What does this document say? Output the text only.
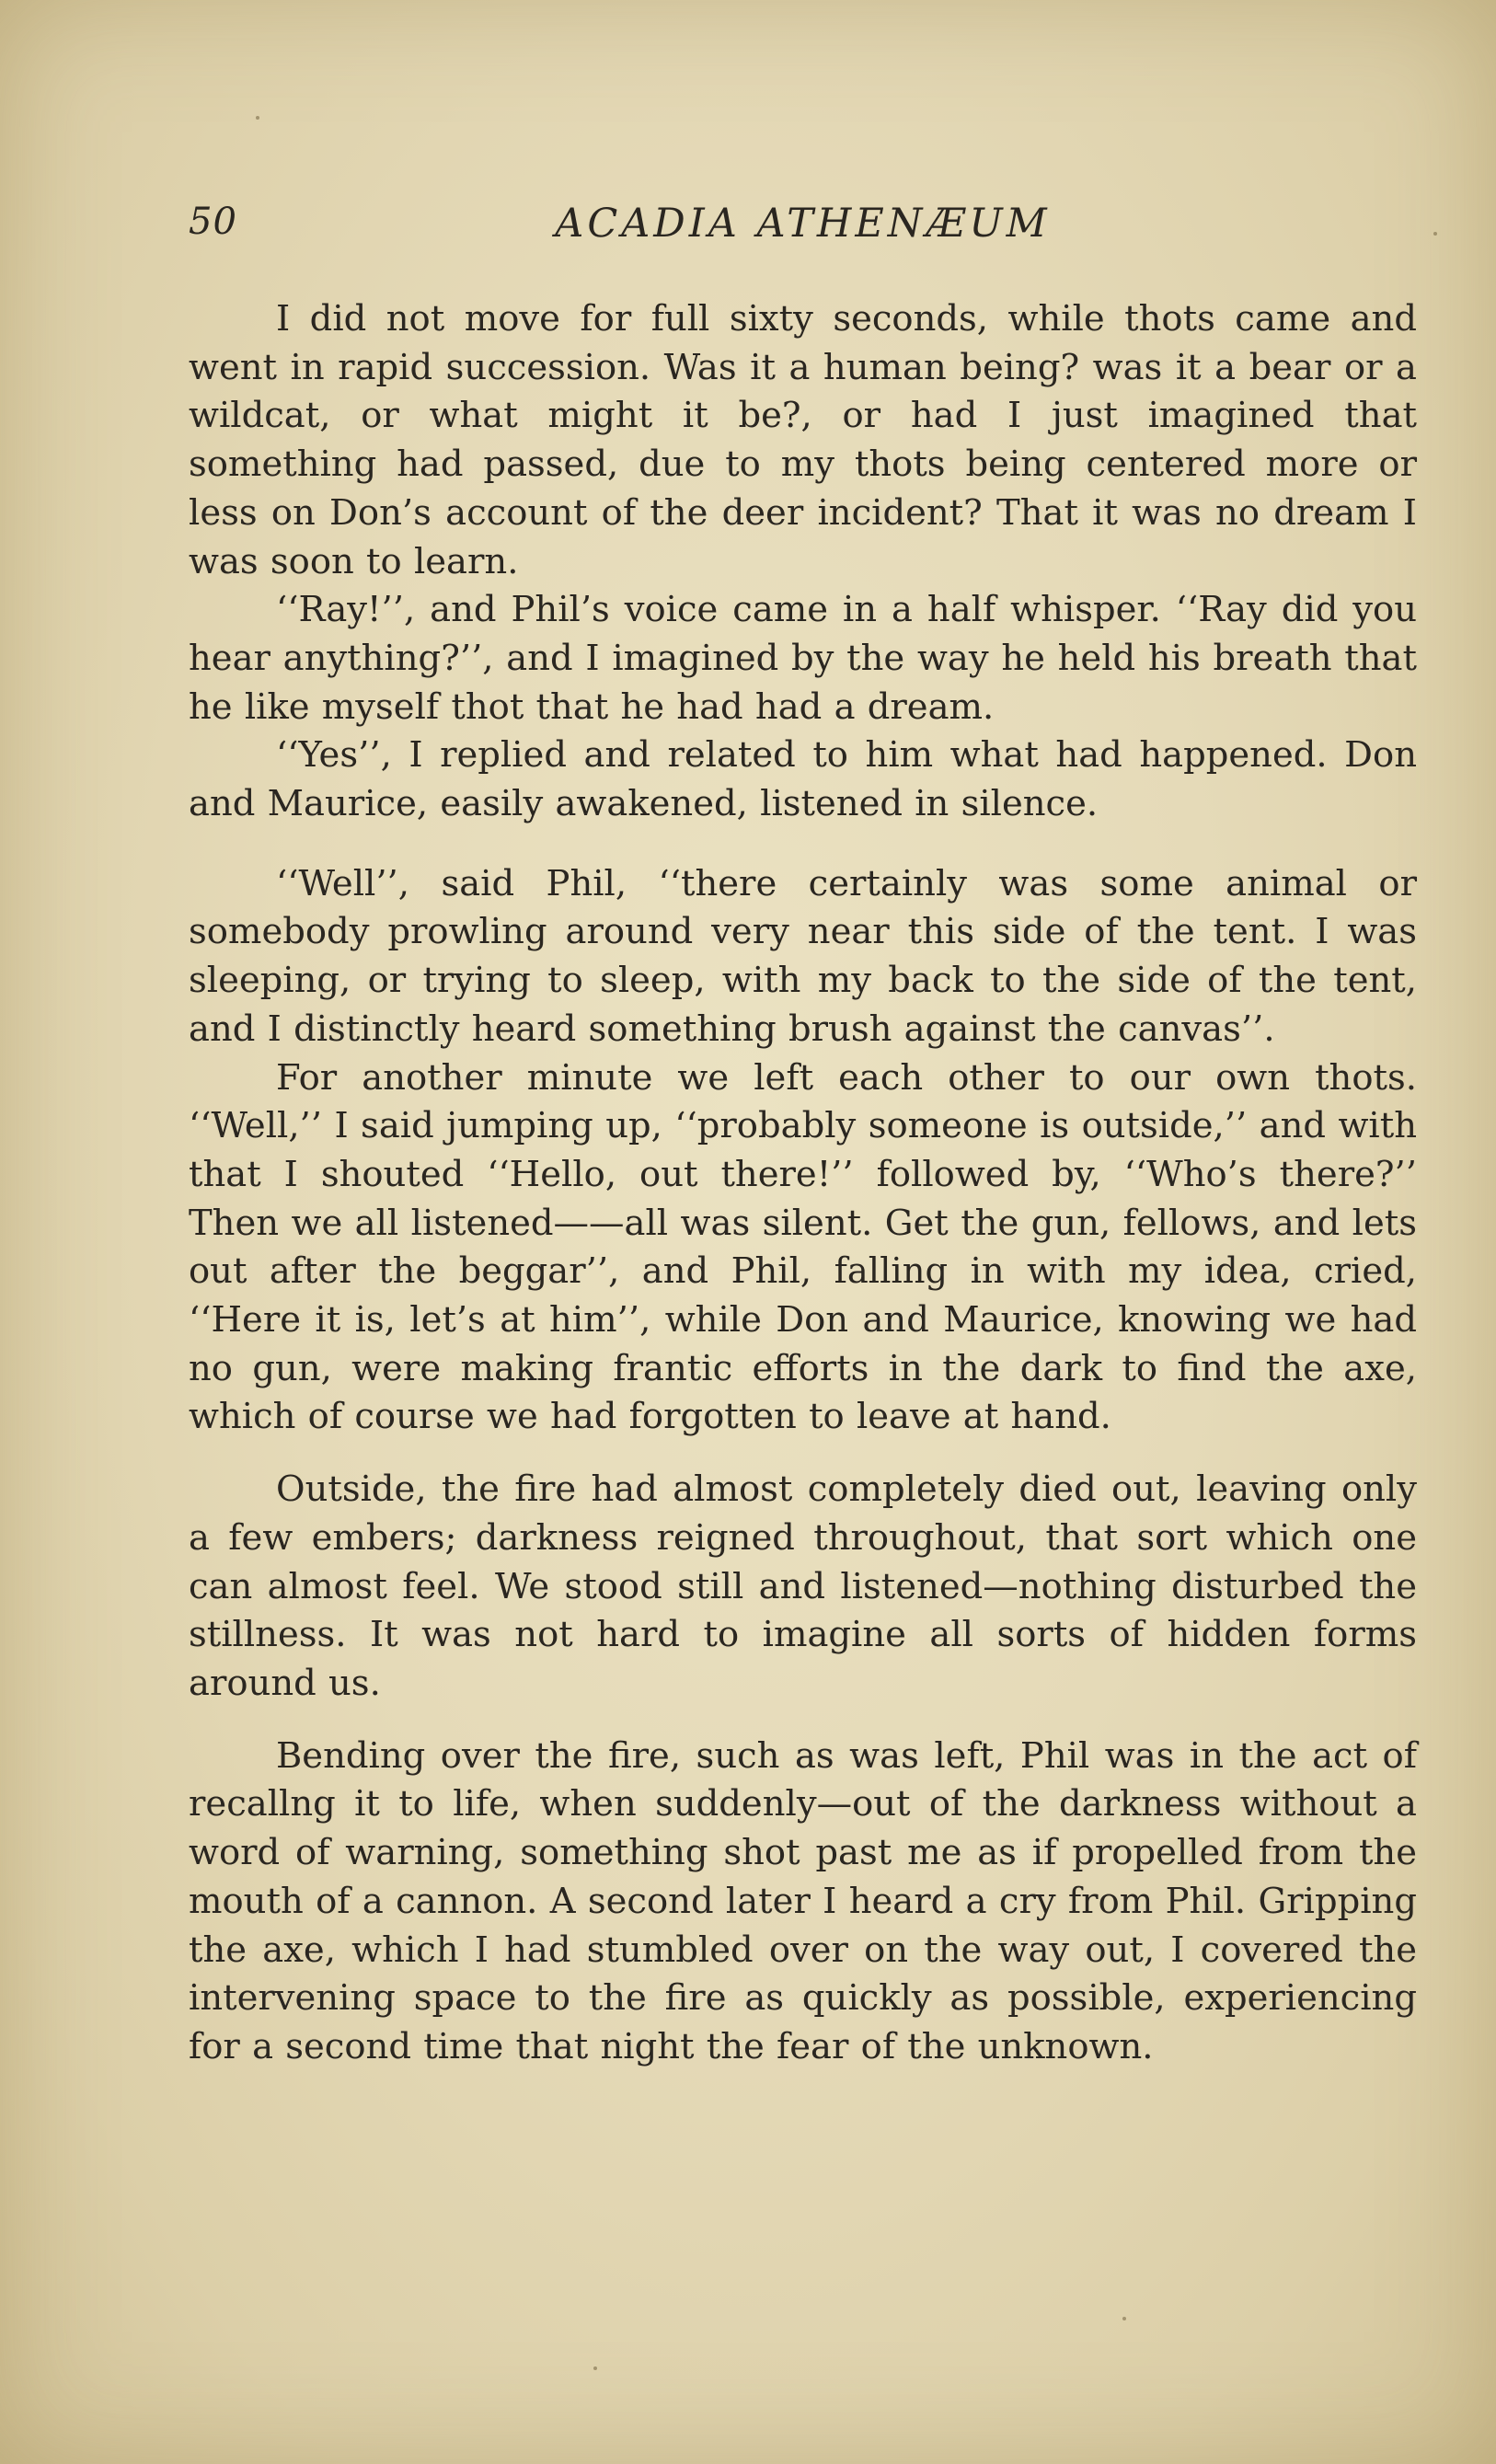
50	ACADIA ATHENÆUM

I did not move for full sixty seconds, while thots came and went in rapid succession. Was it a human being? was it a bear or a wildcat, or what might it be?, or had I just imagined that something had passed, due to my thots being centered more or less on Don’s account of the deer incident? That it was no dream I was soon to learn.

‘‘Ray!’’, and Phil’s voice came in a half whisper. ‘‘Ray did you hear anything?’’, and I imagined by the way he held his breath that he like myself thot that he had had a dream.

‘‘Yes’’, I replied and related to him what had happened. Don and Maurice, easily awakened, listened in silence.

‘‘Well’’, said Phil, ‘‘there certainly was some animal or somebody prowling around very near this side of the tent. I was sleeping, or trying to sleep, with my back to the side of the tent, and I distinctly heard something brush against the canvas’’.

For another minute we left each other to our own thots. ‘‘Well,’’ I said jumping up, ‘‘probably someone is outside,’’ and with that I shouted ‘‘Hello, out there!’’ followed by, ‘‘Who’s there?’’ Then we all listened——all was silent. Get the gun, fellows, and lets out after the beggar’’, and Phil, falling in with my idea, cried, ‘‘Here it is, let’s at him’’, while Don and Maurice, knowing we had no gun, were making frantic efforts in the dark to find the axe, which of course we had forgotten to leave at hand.

Outside, the fire had almost completely died out, leaving only a few embers; darkness reigned throughout, that sort which one can almost feel. We stood still and listened—nothing disturbed the stillness. It was not hard to imagine all sorts of hidden forms around us.

Bending over the fire, such as was left, Phil was in the act of recallng it to life, when suddenly—out of the darkness without a word of warning, something shot past me as if propelled from the mouth of a cannon. A second later I heard a cry from Phil. Gripping the axe, which I had stumbled over on the way out, I covered the intervening space to the fire as quickly as possible, experiencing for a second time that night the fear of the unknown.
